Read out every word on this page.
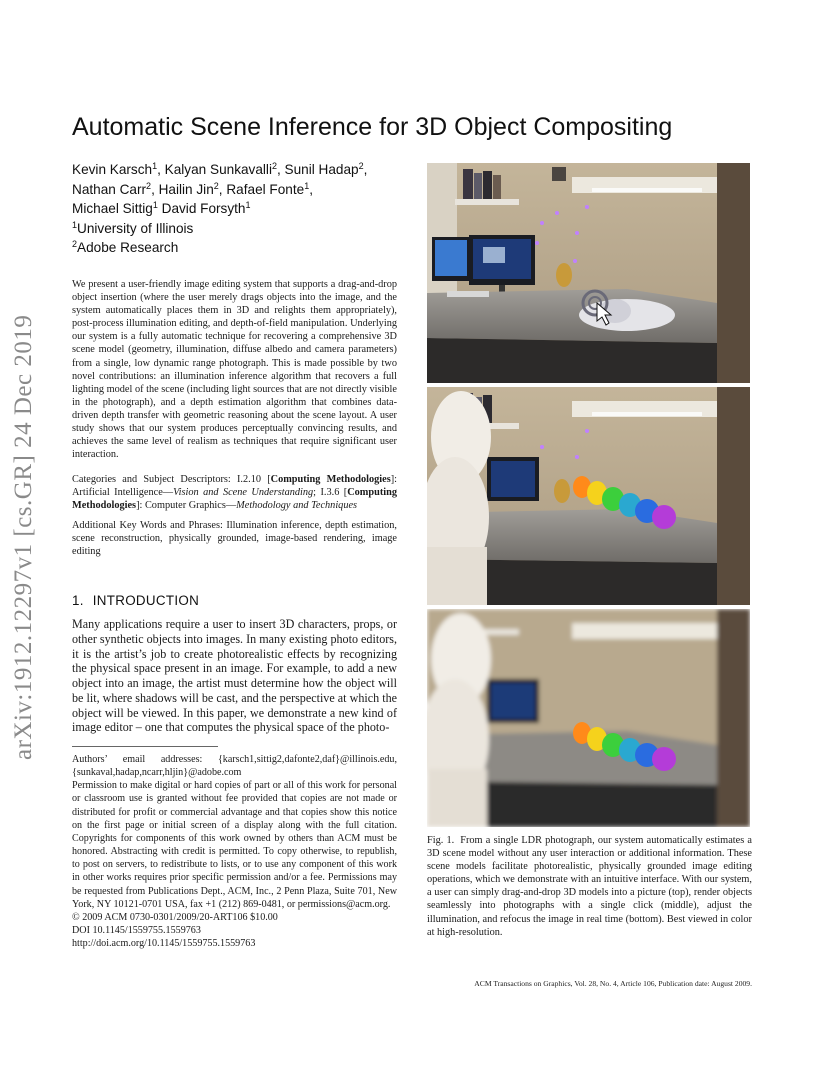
arXiv:1912.12297v1 [cs.GR] 24 Dec 2019
Automatic Scene Inference for 3D Object Compositing
Kevin Karsch$^1$, Kalyan Sunkavalli$^2$, Sunil Hadap$^2$,
Nathan Carr$^2$, Hailin Jin$^2$, Rafael Fonte$^1$,
Michael Sittig$^1$ David Forsyth$^1$
$^1$University of Illinois
$^2$Adobe Research

We present a user-friendly image editing system that supports a drag-and-drop object insertion (where the user merely drags objects into the image, and the system automatically places them in 3D and relights them appropriately), post-process illumination editing, and depth-of-field manipulation. Underlying our system is a fully automatic technique for recovering a comprehensive 3D scene model (geometry, illumination, diffuse albedo and camera parameters) from a single, low dynamic range photograph. This is made possible by two novel contributions: an illumination inference algorithm that recovers a full lighting model of the scene (including light sources that are not directly visible in the photograph), and a depth estimation algorithm that combines data-driven depth transfer with geometric reasoning about the scene layout. A user study shows that our system produces perceptually convincing results, and achieves the same level of realism as techniques that require significant user interaction.

Categories and Subject Descriptors: I.2.10 [Computing Methodologies]: Artificial Intelligence—Vision and Scene Understanding; I.3.6 [Computing Methodologies]: Computer Graphics—Methodology and Techniques

Additional Key Words and Phrases: Illumination inference, depth estimation, scene reconstruction, physically grounded, image-based rendering, image editing

1. INTRODUCTION

Many applications require a user to insert 3D characters, props, or other synthetic objects into images. In many existing photo editors, it is the artist’s job to create photorealistic effects by recognizing the physical space present in an image. For example, to add a new object into an image, the artist must determine how the object will be lit, where shadows will be cast, and the perspective at which the object will be viewed. In this paper, we demonstrate a new kind of image editor – one that computes the physical space of the photo-

Authors’ email addresses: {karsch1,sittig2,dafonte2,daf}@illinois.edu,
{sunkaval,hadap,ncarr,hljin}@adobe.com
Permission to make digital or hard copies of part or all of this work for personal or classroom use is granted without fee provided that copies are not made or distributed for profit or commercial advantage and that copies show this notice on the first page or initial screen of a display along with the full citation. Copyrights for components of this work owned by others than ACM must be honored. Abstracting with credit is permitted. To copy otherwise, to republish, to post on servers, to redistribute to lists, or to use any component of this work in other works requires prior specific permission and/or a fee. Permissions may be requested from Publications Dept., ACM, Inc., 2 Penn Plaza, Suite 701, New York, NY 10121-0701 USA, fax +1 (212) 869-0481, or permissions@acm.org.
© 2009 ACM 0730-0301/2009/20-ART106 $10.00
DOI 10.1145/1559755.1559763
http://doi.acm.org/10.1145/1559755.1559763

Fig. 1. From a single LDR photograph, our system automatically estimates a 3D scene model without any user interaction or additional information. These scene models facilitate photorealistic, physically grounded image editing operations, which we demonstrate with an intuitive interface. With our system, a user can simply drag-and-drop 3D models into a picture (top), render objects seamlessly into photographs with a single click (middle), adjust the illumination, and refocus the image in real time (bottom). Best viewed in color at high-resolution.

ACM Transactions on Graphics, Vol. 28, No. 4, Article 106, Publication date: August 2009.
